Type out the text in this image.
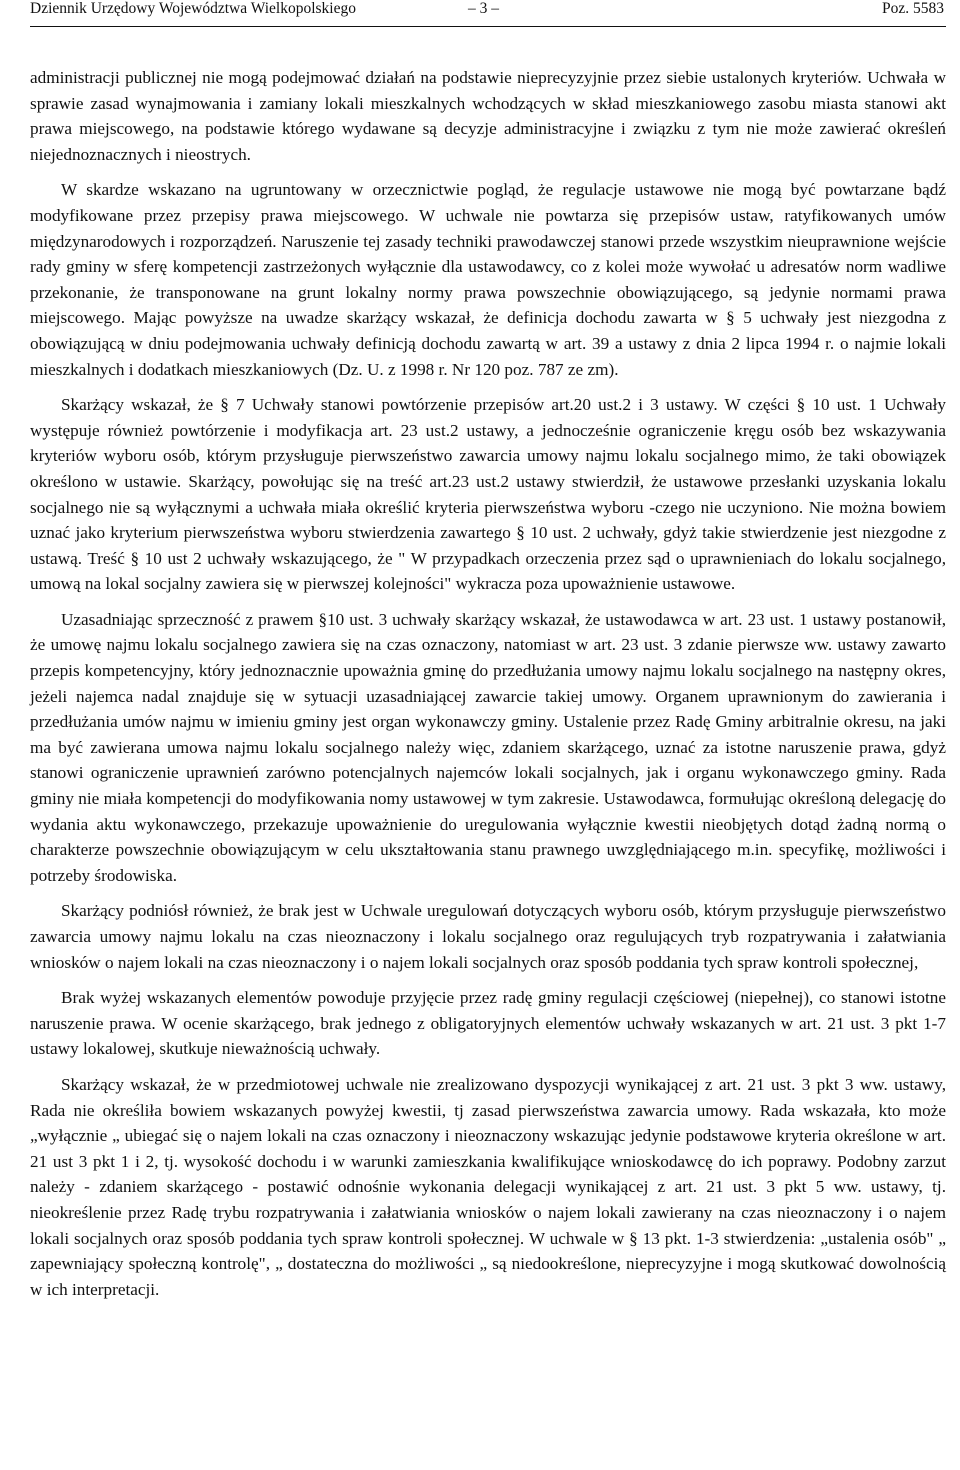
Dziennik Urzędowy Województwa Wielkopolskiego	– 3 –	Poz. 5583

administracji publicznej nie mogą podejmować działań na podstawie nieprecyzyjnie przez siebie ustalonych kryteriów. Uchwała w sprawie zasad wynajmowania i zamiany lokali mieszkalnych wchodzących w skład mieszkaniowego zasobu miasta stanowi akt prawa miejscowego, na podstawie którego wydawane są decyzje administracyjne i związku z tym nie może zawierać określeń niejednoznacznych i nieostrych.

W skardze wskazano na ugruntowany w orzecznictwie pogląd, że regulacje ustawowe nie mogą być powtarzane bądź modyfikowane przez przepisy prawa miejscowego. W uchwale nie powtarza się przepisów ustaw, ratyfikowanych umów międzynarodowych i rozporządzeń. Naruszenie tej zasady techniki prawodawczej stanowi przede wszystkim nieuprawnione wejście rady gminy w sferę kompetencji zastrzeżonych wyłącznie dla ustawodawcy, co z kolei może wywołać u adresatów norm wadliwe przekonanie, że transponowane na grunt lokalny normy prawa powszechnie obowiązującego, są jedynie normami prawa miejscowego. Mając powyższe na uwadze skarżący wskazał, że definicja dochodu zawarta w § 5 uchwały jest niezgodna z obowiązującą w dniu podejmowania uchwały definicją dochodu zawartą w art. 39 a ustawy z dnia 2 lipca 1994 r. o najmie lokali mieszkalnych i dodatkach mieszkaniowych (Dz. U. z 1998 r. Nr 120 poz. 787 ze zm).

Skarżący wskazał, że § 7 Uchwały stanowi powtórzenie przepisów art.20 ust.2 i 3 ustawy. W części § 10 ust. 1 Uchwały występuje również powtórzenie i modyfikacja art. 23 ust.2 ustawy, a jednocześnie ograniczenie kręgu osób bez wskazywania kryteriów wyboru osób, którym przysługuje pierwszeństwo zawarcia umowy najmu lokalu socjalnego mimo, że taki obowiązek określono w ustawie. Skarżący, powołując się na treść art.23 ust.2 ustawy stwierdził, że ustawowe przesłanki uzyskania lokalu socjalnego nie są wyłącznymi a uchwała miała określić kryteria pierwszeństwa wyboru -czego nie uczyniono. Nie można bowiem uznać jako kryterium pierwszeństwa wyboru stwierdzenia zawartego § 10 ust. 2 uchwały, gdyż takie stwierdzenie jest niezgodne z ustawą. Treść § 10 ust 2 uchwały wskazującego, że " W przypadkach orzeczenia przez sąd o uprawnieniach do lokalu socjalnego, umową na lokal socjalny zawiera się w pierwszej kolejności" wykracza poza upoważnienie ustawowe.

Uzasadniając sprzeczność z prawem §10 ust. 3 uchwały skarżący wskazał, że ustawodawca w art. 23 ust. 1 ustawy postanowił, że umowę najmu lokalu socjalnego zawiera się na czas oznaczony, natomiast w art. 23 ust. 3 zdanie pierwsze ww. ustawy zawarto przepis kompetencyjny, który jednoznacznie upoważnia gminę do przedłużania umowy najmu lokalu socjalnego na następny okres, jeżeli najemca nadal znajduje się w sytuacji uzasadniającej zawarcie takiej umowy. Organem uprawnionym do zawierania i przedłużania umów najmu w imieniu gminy jest organ wykonawczy gminy. Ustalenie przez Radę Gminy arbitralnie okresu, na jaki ma być zawierana umowa najmu lokalu socjalnego należy więc, zdaniem skarżącego, uznać za istotne naruszenie prawa, gdyż stanowi ograniczenie uprawnień zarówno potencjalnych najemców lokali socjalnych, jak i organu wykonawczego gminy. Rada gminy nie miała kompetencji do modyfikowania nomy ustawowej w tym zakresie. Ustawodawca, formułując określoną delegację do wydania aktu wykonawczego, przekazuje upoważnienie do uregulowania wyłącznie kwestii nieobjętych dotąd żadną normą o charakterze powszechnie obowiązującym w celu ukształtowania stanu prawnego uwzględniającego m.in. specyfikę, możliwości i potrzeby środowiska.

Skarżący podniósł również, że brak jest w Uchwale uregulowań dotyczących wyboru osób, którym przysługuje pierwszeństwo zawarcia umowy najmu lokalu na czas nieoznaczony i lokalu socjalnego oraz regulujących tryb rozpatrywania i załatwiania wniosków o najem lokali na czas nieoznaczony i o najem lokali socjalnych oraz sposób poddania tych spraw kontroli społecznej,

Brak wyżej wskazanych elementów powoduje przyjęcie przez radę gminy regulacji częściowej (niepełnej), co stanowi istotne naruszenie prawa. W ocenie skarżącego, brak jednego z obligatoryjnych elementów uchwały wskazanych w art. 21 ust. 3 pkt 1-7 ustawy lokalowej, skutkuje nieważnością uchwały.

Skarżący wskazał, że w przedmiotowej uchwale nie zrealizowano dyspozycji wynikającej z art. 21 ust. 3 pkt 3 ww. ustawy, Rada nie określiła bowiem wskazanych powyżej kwestii, tj zasad pierwszeństwa zawarcia umowy. Rada wskazała, kto może „wyłącznie „ ubiegać się o najem lokali na czas oznaczony i nieoznaczony wskazując jedynie podstawowe kryteria określone w art. 21 ust 3 pkt 1 i 2, tj. wysokość dochodu i w warunki zamieszkania kwalifikujące wnioskodawcę do ich poprawy. Podobny zarzut należy - zdaniem skarżącego - postawić odnośnie wykonania delegacji wynikającej z art. 21 ust. 3 pkt 5 ww. ustawy, tj. nieokreślenie przez Radę trybu rozpatrywania i załatwiania wniosków o najem lokali zawierany na czas nieoznaczony i o najem lokali socjalnych oraz sposób poddania tych spraw kontroli społecznej. W uchwale w § 13 pkt. 1-3 stwierdzenia: „ustalenia osób" „ zapewniający społeczną kontrolę", „ dostateczna do możliwości „ są niedookreślone, nieprecyzyjne i mogą skutkować dowolnością w ich interpretacji.
